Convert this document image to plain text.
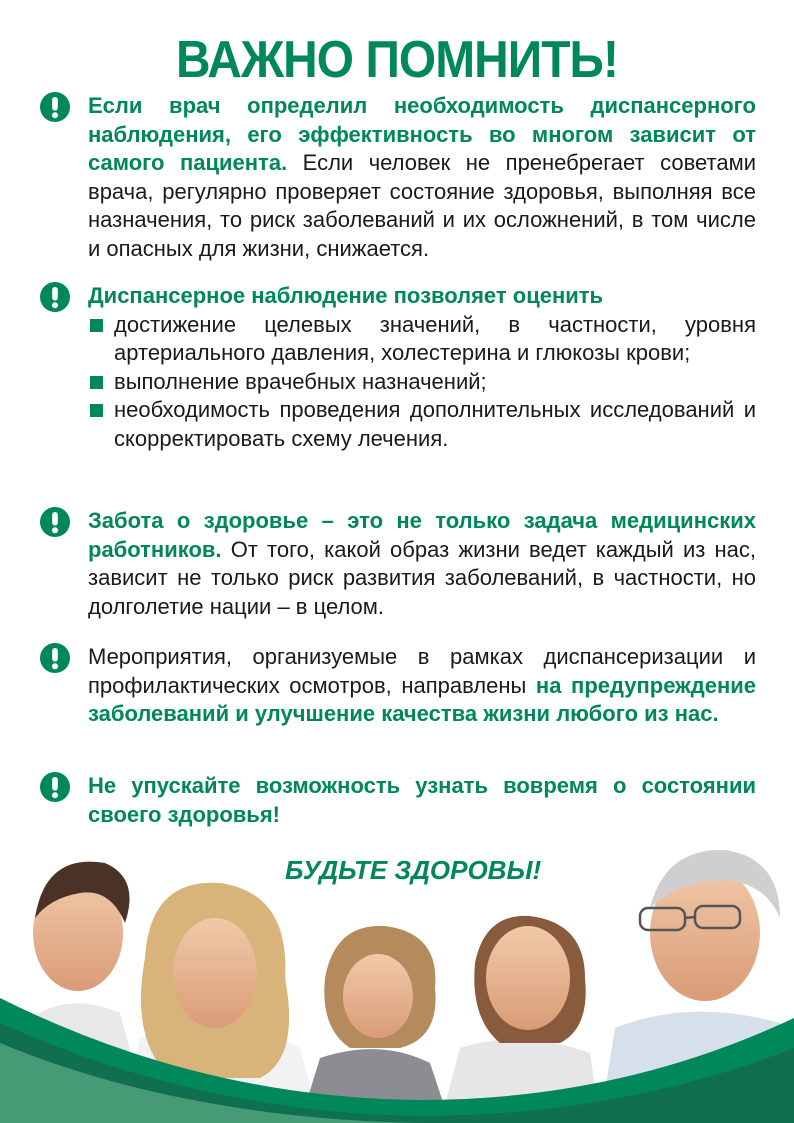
ВАЖНО ПОМНИТЬ!
Если врач определил необходимость диспансерного наблюдения, его эффективность во многом зависит от самого пациента. Если человек не пренебрегает советами врача, регулярно проверяет состояние здоровья, выполняя все назначения, то риск заболеваний и их осложнений, в том числе и опасных для жизни, снижается.
Диспансерное наблюдение позволяет оценить

достижение целевых значений, в частности, уровня артериального давления, холестерина и глюкозы крови;

выполнение врачебных назначений;

необходимость проведения дополнительных исследований и скорректировать схему лечения.

Забота о здоровье – это не только задача медицинских работников. От того, какой образ жизни ведет каждый из нас, зависит не только риск развития заболеваний, в частности, но долголетие нации – в целом.
Мероприятия, организуемые в рамках диспансеризации и профилактических осмотров, направлены на предупреждение заболеваний и улучшение качества жизни любого из нас.
Не упускайте возможность узнать вовремя о состоянии своего здоровья!
БУДЬТЕ ЗДОРОВЫ!
